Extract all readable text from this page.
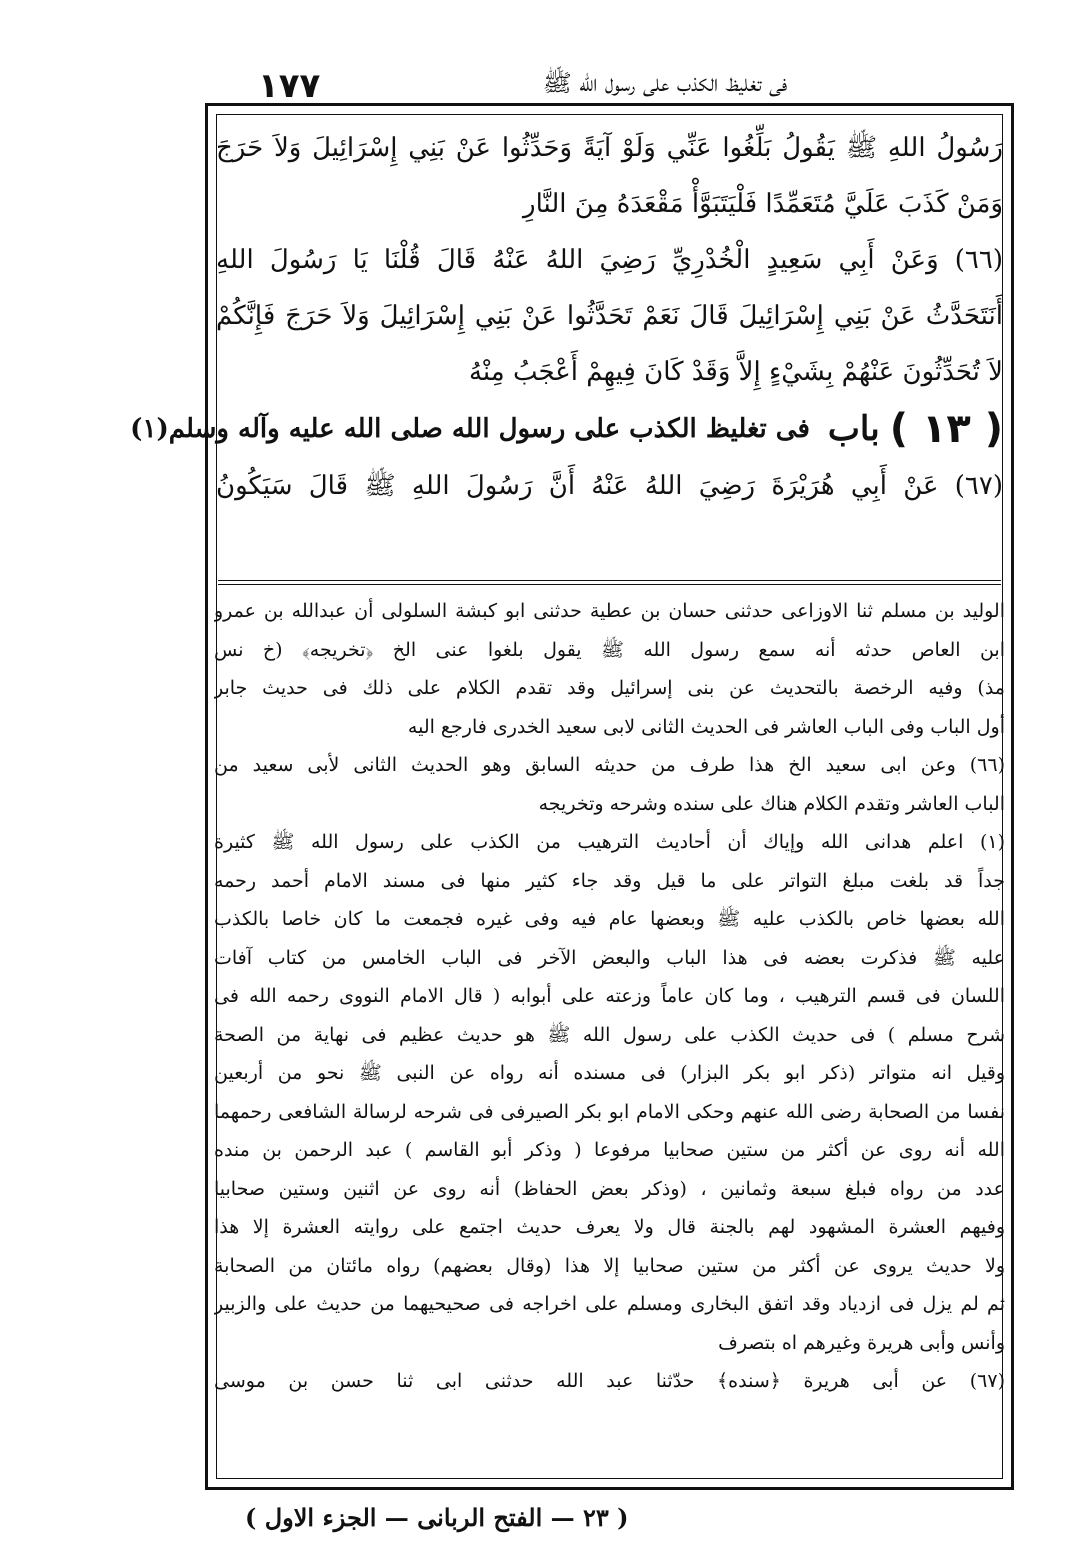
١٧٧	فى تغليظ الكذب على رسول الله ﷺ
رَسُولُ اللهِ ﷺ يَقُولُ بَلِّغُوا عَنِّي وَلَوْ آيَةً وَحَدِّثُوا عَنْ بَنِي إِسْرَائِيلَ وَلاَ حَرَجَ
وَمَنْ كَذَبَ عَلَيَّ مُتَعَمِّدًا فَلْيَتَبَوَّأْ مَقْعَدَهُ مِنَ النَّارِ
(٦٦) وَعَنْ أَبِي سَعِيدٍ الْخُدْرِيِّ رَضِيَ اللهُ عَنْهُ قَالَ قُلْنَا يَا رَسُولَ اللهِ
أَنَتَحَدَّثُ عَنْ بَنِي إِسْرَائِيلَ قَالَ نَعَمْ تَحَدَّثُوا عَنْ بَنِي إِسْرَائِيلَ وَلاَ حَرَجَ فَإِنَّكُمْ
لاَ تُحَدِّثُونَ عَنْهُمْ بِشَيْءٍ إِلاَّ وَقَدْ كَانَ فِيهِمْ أَعْجَبُ مِنْهُ
( ١٣ )
باب
فى تغليظ الكذب على رسول الله صلى الله عليه وآله وسلم(١)
(٦٧) عَنْ أَبِي هُرَيْرَةَ رَضِيَ اللهُ عَنْهُ أَنَّ رَسُولَ اللهِ ﷺ قَالَ سَيَكُونُ
الوليد بن مسلم ثنا الاوزاعى حدثنى حسان بن عطية حدثنى ابو كبشة السلولى أن عبدالله بن عمرو
ابن العاص حدثه أنه سمع رسول الله ﷺ يقول بلغوا عنى الخ ﴿تخريجه﴾ (خ نس
مذ) وفيه الرخصة بالتحديث عن بنى إسرائيل وقد تقدم الكلام على ذلك فى حديث جابر
أول الباب وفى الباب العاشر فى الحديث الثانى لابى سعيد الخدرى فارجع اليه
(٦٦) وعن ابى سعيد الخ هذا طرف من حديثه السابق وهو الحديث الثانى لأبى سعيد من
الباب العاشر وتقدم الكلام هناك على سنده وشرحه وتخريجه
(١) اعلم هدانى الله وإياك أن أحاديث الترهيب من الكذب على رسول الله ﷺ كثيرة
جداً قد بلغت مبلغ التواتر على ما قيل وقد جاء كثير منها فى مسند الامام أحمد رحمه
الله بعضها خاص بالكذب عليه ﷺ وبعضها عام فيه وفى غيره فجمعت ما كان خاصا بالكذب
عليه ﷺ فذكرت بعضه فى هذا الباب والبعض الآخر فى الباب الخامس من كتاب آفات
اللسان فى قسم الترهيب ، وما كان عاماً وزعته على أبوابه ( قال الامام النووى رحمه الله فى
شرح مسلم ) فى حديث الكذب على رسول الله ﷺ هو حديث عظيم فى نهاية من الصحة
وقيل انه متواتر (ذكر ابو بكر البزار) فى مسنده أنه رواه عن النبى ﷺ نحو من أربعين
نفسا من الصحابة رضى الله عنهم وحكى الامام ابو بكر الصيرفى فى شرحه لرسالة الشافعى رحمهما
الله أنه روى عن أكثر من ستين صحابيا مرفوعا ( وذكر أبو القاسم ) عبد الرحمن بن منده
عدد من رواه فبلغ سبعة وثمانين ، (وذكر بعض الحفاظ) أنه روى عن اثنين وستين صحابيا
وفيهم العشرة المشهود لهم بالجنة قال ولا يعرف حديث اجتمع على روايته العشرة إلا هذا
ولا حديث يروى عن أكثر من ستين صحابيا إلا هذا (وقال بعضهم) رواه مائتان من الصحابة
ثم لم يزل فى ازدياد وقد اتفق البخارى ومسلم على اخراجه فى صحيحيهما من حديث على والزبير
وأنس وأبى هريرة وغيرهم اه بتصرف
(٦٧) عن أبى هريرة ﴿سنده﴾ حدّثنا عبد الله حدثنى ابى ثنا حسن بن موسى
( ٢٣ — الفتح الربانى — الجزء الاول )
